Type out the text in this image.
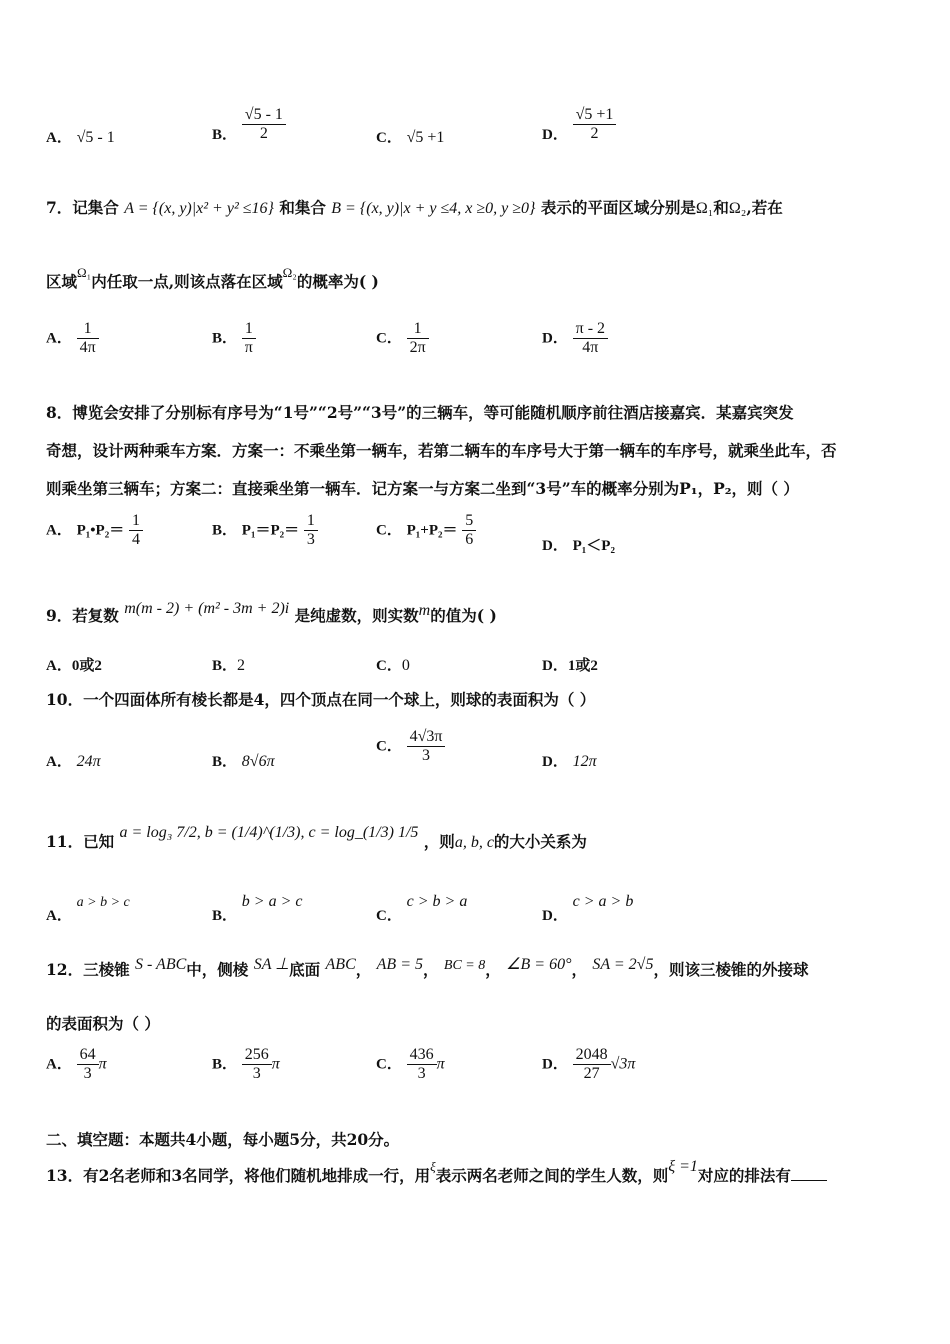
A． √5 - 1	B． $\frac{√5 - 1}{2}$	C． √5 +1	D． $\frac{√5 +1}{2}$
7．记集合 A = {(x, y)|x² + y² ≤16} 和集合 B = {(x, y)|x + y ≤4, x ≥0, y ≥0} 表示的平面区域分别是Ω₁和Ω₂,若在
区域$^{\Omega_1}$内任取一点,则该点落在区域$^{\Omega_2}$的概率为( )
A． $\frac{1}{4\pi}$	B． $\frac{1}{\pi}$	C． $\frac{1}{2\pi}$	D． $\frac{\pi - 2}{4\pi}$
8．博览会安排了分别标有序号为“1号”“2号”“3号”的三辆车，等可能随机顺序前往酒店接嘉宾．某嘉宾突发
奇想，设计两种乘车方案．方案一：不乘坐第一辆车，若第二辆车的车序号大于第一辆车的车序号，就乘坐此车，否
则乘坐第三辆车；方案二：直接乘坐第一辆车．记方案一与方案二坐到“3号”车的概率分别为P₁，P₂，则（ ）
A． P₁•P₂＝ $\frac{1}{4}$	B． $P_1=P_2= \frac{1}{3}$	C． $P_1+P_2= \frac{5}{6}$	D． P₁＜P₂
9．若复数 m(m - 2) + (m² - 3m + 2)i 是纯虚数，则实数m的值为( )
A．0或2	B．2	C．0	D．1或2
10．一个四面体所有棱长都是4，四个顶点在同一个球上，则球的表面积为（ ）
A． 24π	B． 8√6π
C． $\frac{4√3\pi}{3}$	D． 12π
11．已知 a = log₃ 7/2, b = (1/4)^(1/3), c = log_(1/3) 1/5 ，则a, b, c的大小关系为
A． a > b > c
B． b > a > c
C． c > b > a
D． c > a > b
12．三棱锥 S - ABC中，侧棱 SA ⊥底面 ABC， AB = 5， BC = 8， ∠B = 60°， SA = 2√5，则该三棱锥的外接球
的表面积为（ ）
A． $\frac{64}{3}$ π	B． $\frac{256}{3}$ π	C． $\frac{436}{3}$ π	D． $\frac{2048}{27} √3\pi$
二、填空题：本题共4小题，每小题5分，共20分。
13．有2名老师和3名同学，将他们随机地排成一行，用$^\xi$表示两名老师之间的学生人数，则ξ =1对应的排法有
